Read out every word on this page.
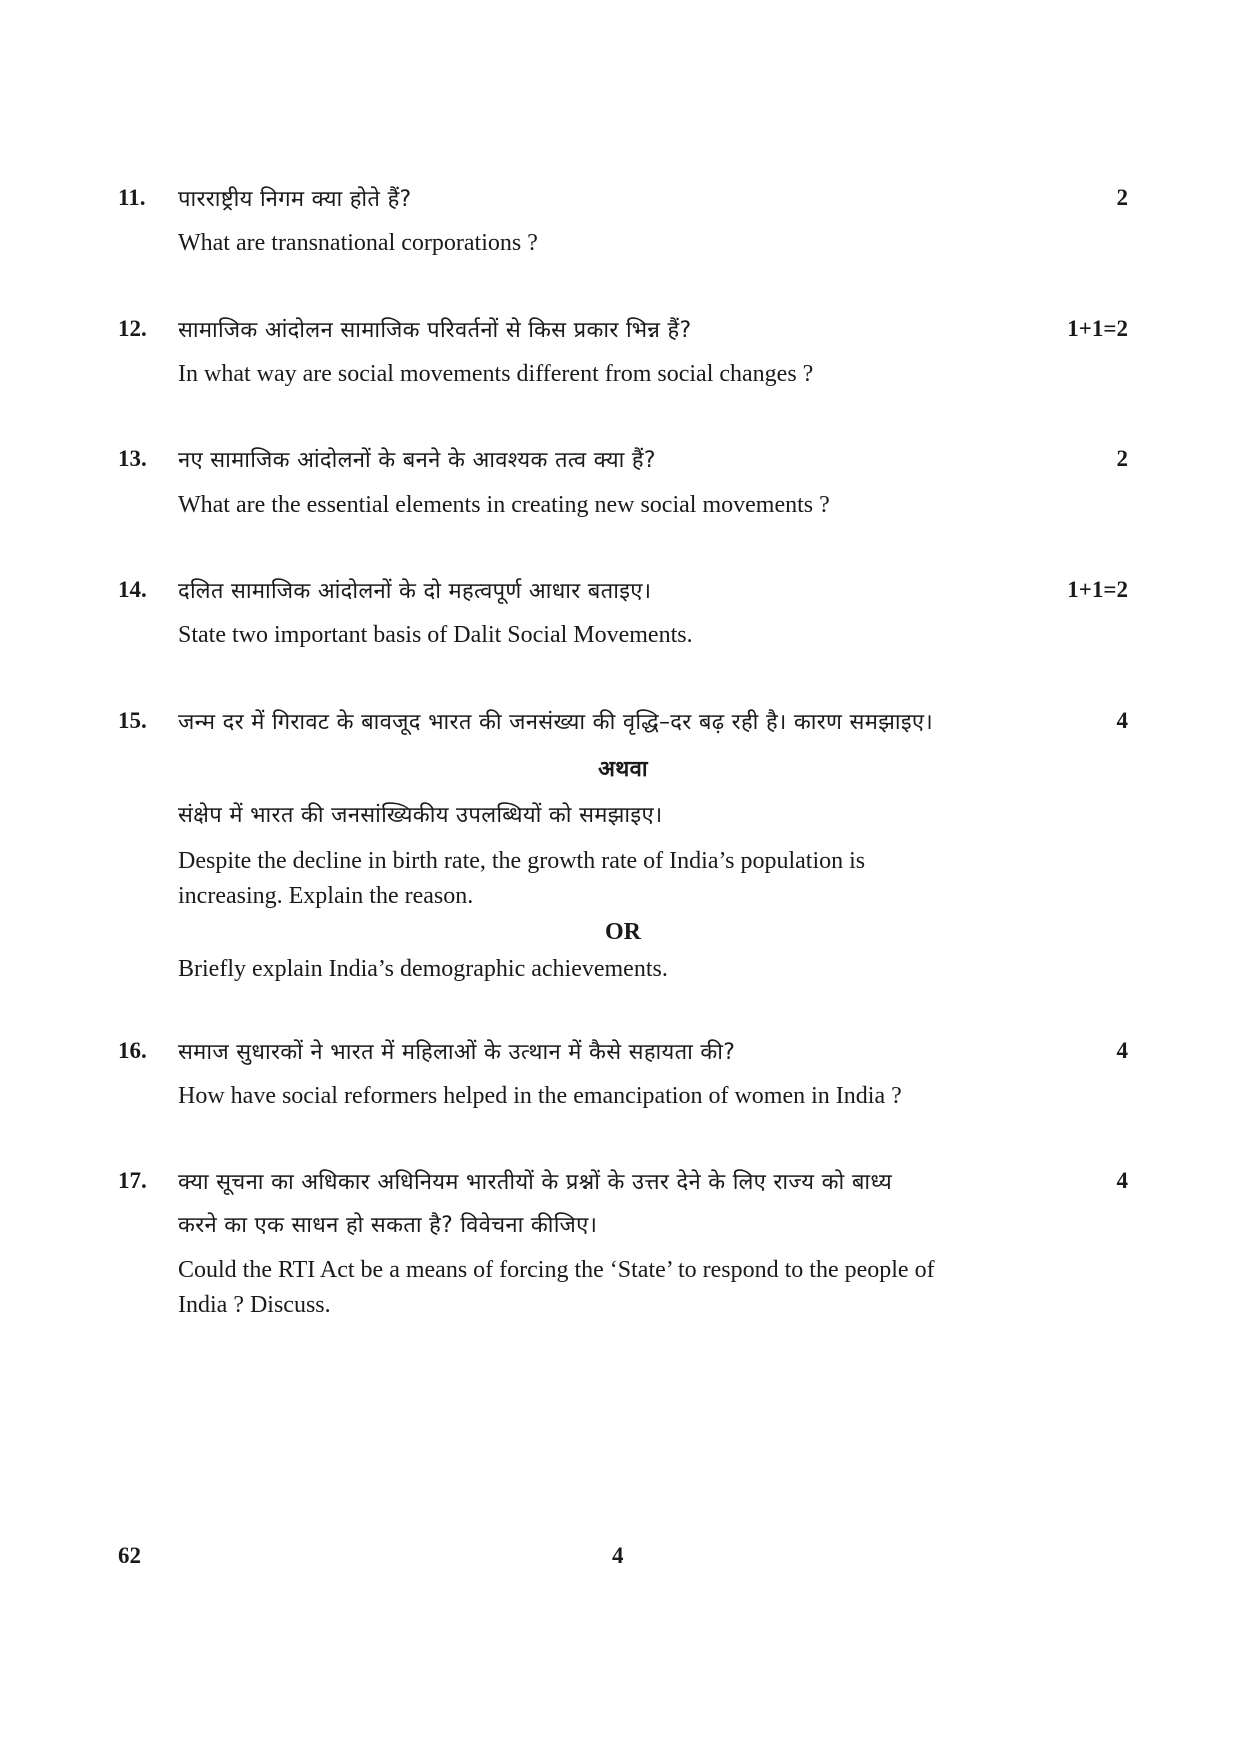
11.	2
पारराष्ट्रीय निगम क्या होते हैं?
What are transnational corporations ?
12.	1+1=2
सामाजिक आंदोलन सामाजिक परिवर्तनों से किस प्रकार भिन्न हैं?
In what way are social movements different from social changes ?
13.	2
नए सामाजिक आंदोलनों के बनने के आवश्यक तत्व क्या हैं?
What are the essential elements in creating new social movements ?
14.	1+1=2
दलित सामाजिक आंदोलनों के दो महत्वपूर्ण आधार बताइए।
State two important basis of Dalit Social Movements.
15.	4
जन्म दर में गिरावट के बावजूद भारत की जनसंख्या की वृद्धि–दर बढ़ रही है। कारण समझाइए।
अथवा
संक्षेप में भारत की जनसांख्यिकीय उपलब्धियों को समझाइए।
Despite the decline in birth rate, the growth rate of India’s population is
increasing. Explain the reason.
OR
Briefly explain India’s demographic achievements.
16.	4
समाज सुधारकों ने भारत में महिलाओं के उत्थान में कैसे सहायता की?
How have social reformers helped in the emancipation of women in India ?
17.	4
क्या सूचना का अधिकार अधिनियम भारतीयों के प्रश्नों के उत्तर देने के लिए राज्य को बाध्य
करने का एक साधन हो सकता है? विवेचना कीजिए।
Could the RTI Act be a means of forcing the ‘State’ to respond to the people of
India ? Discuss.
62	4
